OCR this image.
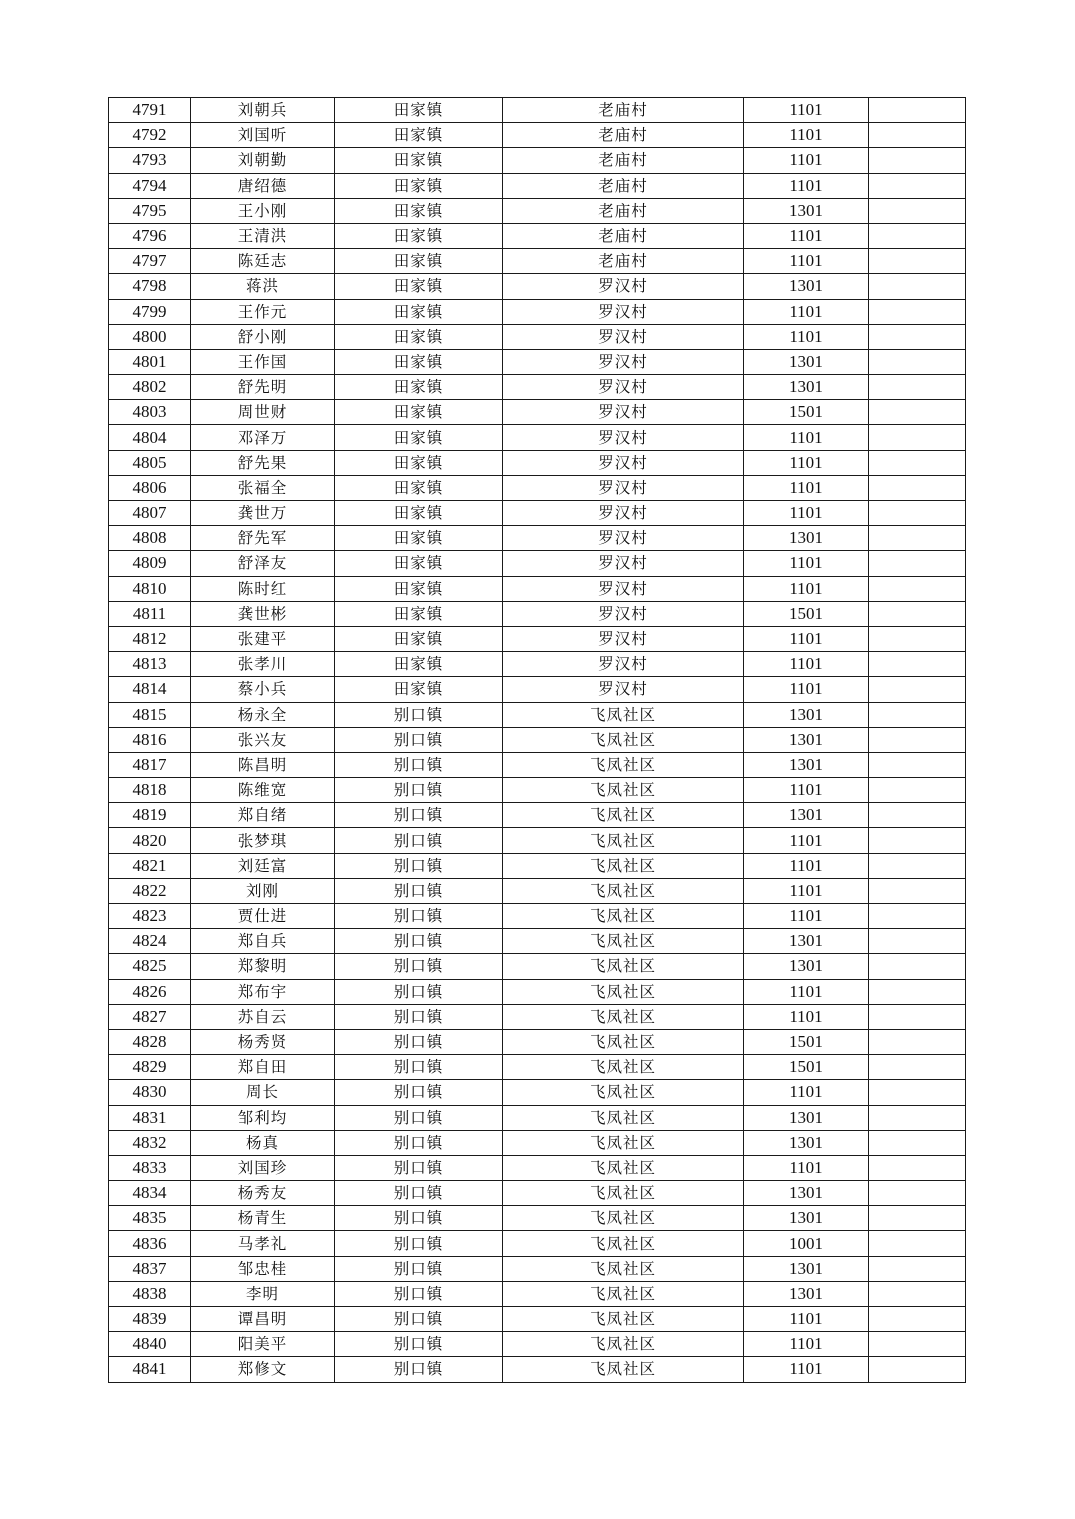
4791	刘朝兵	田家镇	老庙村	1101	
4792	刘国听	田家镇	老庙村	1101	
4793	刘朝勤	田家镇	老庙村	1101	
4794	唐绍德	田家镇	老庙村	1101	
4795	王小刚	田家镇	老庙村	1301	
4796	王清洪	田家镇	老庙村	1101	
4797	陈廷志	田家镇	老庙村	1101	
4798	蒋洪	田家镇	罗汉村	1301	
4799	王作元	田家镇	罗汉村	1101	
4800	舒小刚	田家镇	罗汉村	1101	
4801	王作国	田家镇	罗汉村	1301	
4802	舒先明	田家镇	罗汉村	1301	
4803	周世财	田家镇	罗汉村	1501	
4804	邓泽万	田家镇	罗汉村	1101	
4805	舒先果	田家镇	罗汉村	1101	
4806	张福全	田家镇	罗汉村	1101	
4807	龚世万	田家镇	罗汉村	1101	
4808	舒先军	田家镇	罗汉村	1301	
4809	舒泽友	田家镇	罗汉村	1101	
4810	陈时红	田家镇	罗汉村	1101	
4811	龚世彬	田家镇	罗汉村	1501	
4812	张建平	田家镇	罗汉村	1101	
4813	张孝川	田家镇	罗汉村	1101	
4814	蔡小兵	田家镇	罗汉村	1101	
4815	杨永全	别口镇	飞凤社区	1301	
4816	张兴友	别口镇	飞凤社区	1301	
4817	陈昌明	别口镇	飞凤社区	1301	
4818	陈维宽	别口镇	飞凤社区	1101	
4819	郑自绪	别口镇	飞凤社区	1301	
4820	张梦琪	别口镇	飞凤社区	1101	
4821	刘廷富	别口镇	飞凤社区	1101	
4822	刘刚	别口镇	飞凤社区	1101	
4823	贾仕进	别口镇	飞凤社区	1101	
4824	郑自兵	别口镇	飞凤社区	1301	
4825	郑黎明	别口镇	飞凤社区	1301	
4826	郑布宇	别口镇	飞凤社区	1101	
4827	苏自云	别口镇	飞凤社区	1101	
4828	杨秀贤	别口镇	飞凤社区	1501	
4829	郑自田	别口镇	飞凤社区	1501	
4830	周长	别口镇	飞凤社区	1101	
4831	邹利均	别口镇	飞凤社区	1301	
4832	杨真	别口镇	飞凤社区	1301	
4833	刘国珍	别口镇	飞凤社区	1101	
4834	杨秀友	别口镇	飞凤社区	1301	
4835	杨青生	别口镇	飞凤社区	1301	
4836	马孝礼	别口镇	飞凤社区	1001	
4837	邹忠桂	别口镇	飞凤社区	1301	
4838	李明	别口镇	飞凤社区	1301	
4839	谭昌明	别口镇	飞凤社区	1101	
4840	阳美平	别口镇	飞凤社区	1101	
4841	郑修文	别口镇	飞凤社区	1101	
